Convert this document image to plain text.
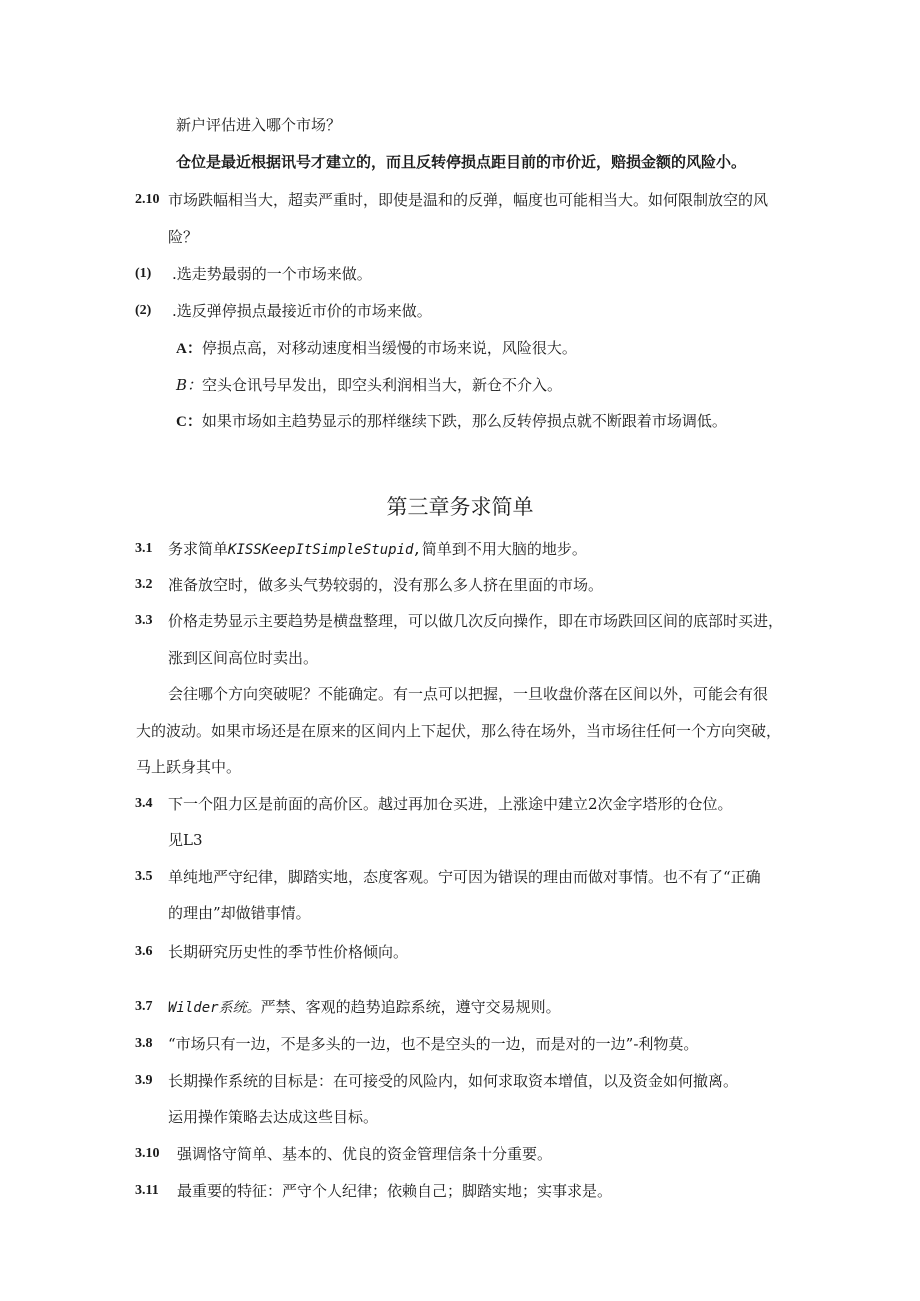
新户评估进入哪个市场？
仓位是最近根据讯号才建立的，而且反转停损点距目前的市价近，赔损金额的风险小。
2.10 市场跌幅相当大，超卖严重时，即使是温和的反弹，幅度也可能相当大。如何限制放空的风
险？
(1) .选走势最弱的一个市场来做。
(2) .选反弹停损点最接近市价的市场来做。
A：停损点高，对移动速度相当缓慢的市场来说，风险很大。
B：空头仓讯号早发出，即空头利润相当大，新仓不介入。
C：如果市场如主趋势显示的那样继续下跌，那么反转停损点就不断跟着市场调低。
第三章务求简单
3.1 务求简单KISSKeepItSimpleStupid,简单到不用大脑的地步。
3.2 准备放空时，做多头气势较弱的，没有那么多人挤在里面的市场。
3.3 价格走势显示主要趋势是横盘整理，可以做几次反向操作，即在市场跌回区间的底部时买进，
涨到区间高位时卖出。
会往哪个方向突破呢？不能确定。有一点可以把握，一旦收盘价落在区间以外，可能会有很
大的波动。如果市场还是在原来的区间内上下起伏，那么待在场外，当市场往任何一个方向突破，
马上跃身其中。
3.4 下一个阻力区是前面的高价区。越过再加仓买进，上涨途中建立2次金字塔形的仓位。
见L3
3.5 单纯地严守纪律，脚踏实地，态度客观。宁可因为错误的理由而做对事情。也不有了“正确
的理由”却做错事情。
3.6 长期研究历史性的季节性价格倾向。
3.7 Wilder系统。严禁、客观的趋势追踪系统，遵守交易规则。
3.8 “市场只有一边，不是多头的一边，也不是空头的一边，而是对的一边”-利物莫。
3.9 长期操作系统的目标是：在可接受的风险内，如何求取资本增值，以及资金如何撤离。
运用操作策略去达成这些目标。
3.10 强调恪守简单、基本的、优良的资金管理信条十分重要。
3.11 最重要的特征：严守个人纪律；依赖自己；脚踏实地；实事求是。
